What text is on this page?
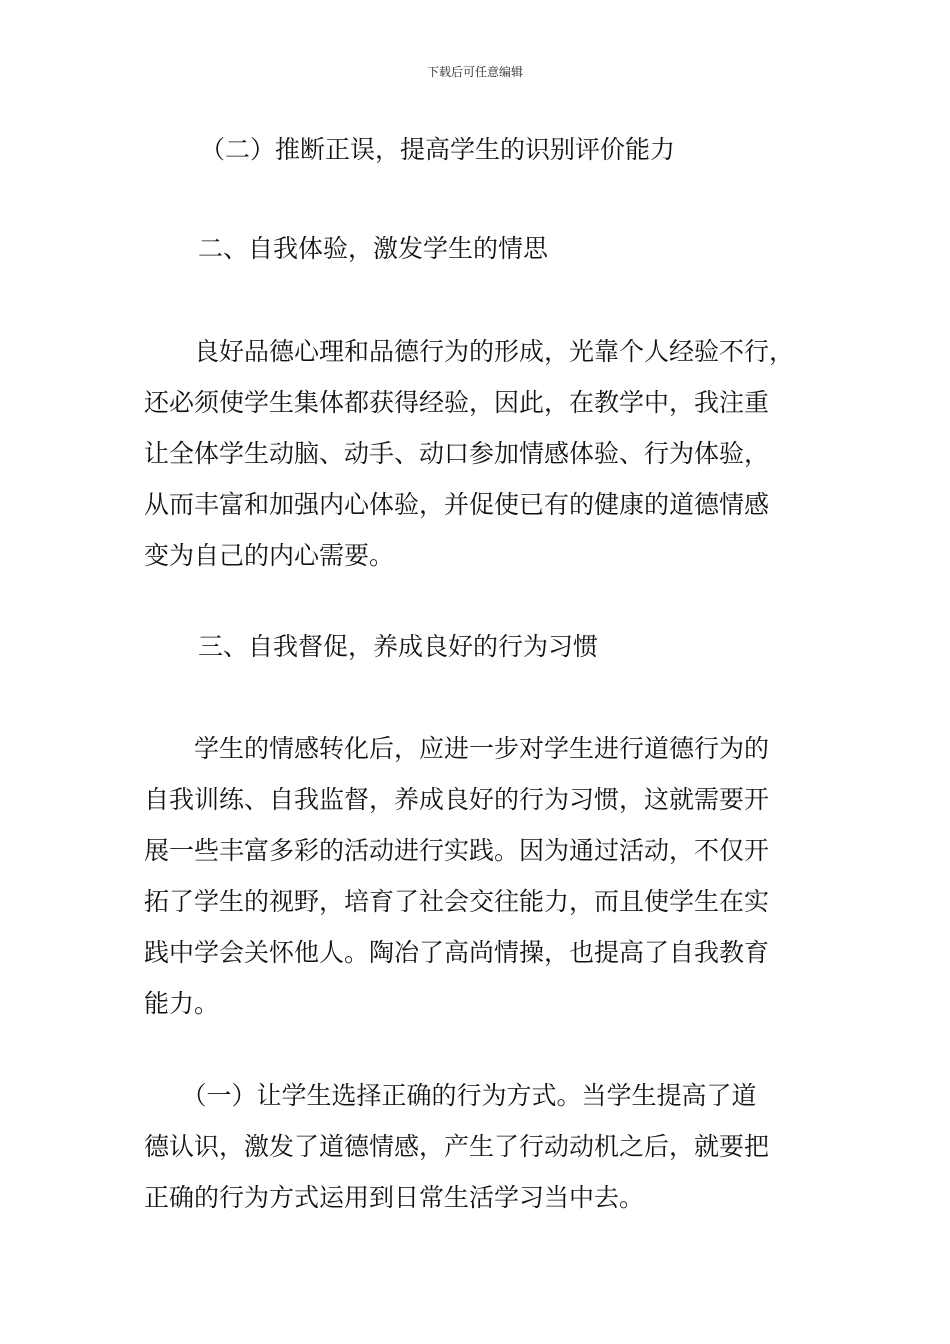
下载后可任意编辑
（二）推断正误，提高学生的识别评价能力
二、自我体验，激发学生的情思
　　良好品德心理和品德行为的形成，光靠个人经验不行，
还必须使学生集体都获得经验，因此，在教学中，我注重
让全体学生动脑、动手、动口参加情感体验、行为体验，
从而丰富和加强内心体验，并促使已有的健康的道德情感
变为自己的内心需要。
三、自我督促，养成良好的行为习惯
　　学生的情感转化后，应进一步对学生进行道德行为的
自我训练、自我监督，养成良好的行为习惯，这就需要开
展一些丰富多彩的活动进行实践。因为通过活动，不仅开
拓了学生的视野，培育了社会交往能力，而且使学生在实
践中学会关怀他人。陶冶了高尚情操，也提高了自我教育
能力。
　　（一）让学生选择正确的行为方式。当学生提高了道
德认识，激发了道德情感，产生了行动动机之后，就要把
正确的行为方式运用到日常生活学习当中去。
